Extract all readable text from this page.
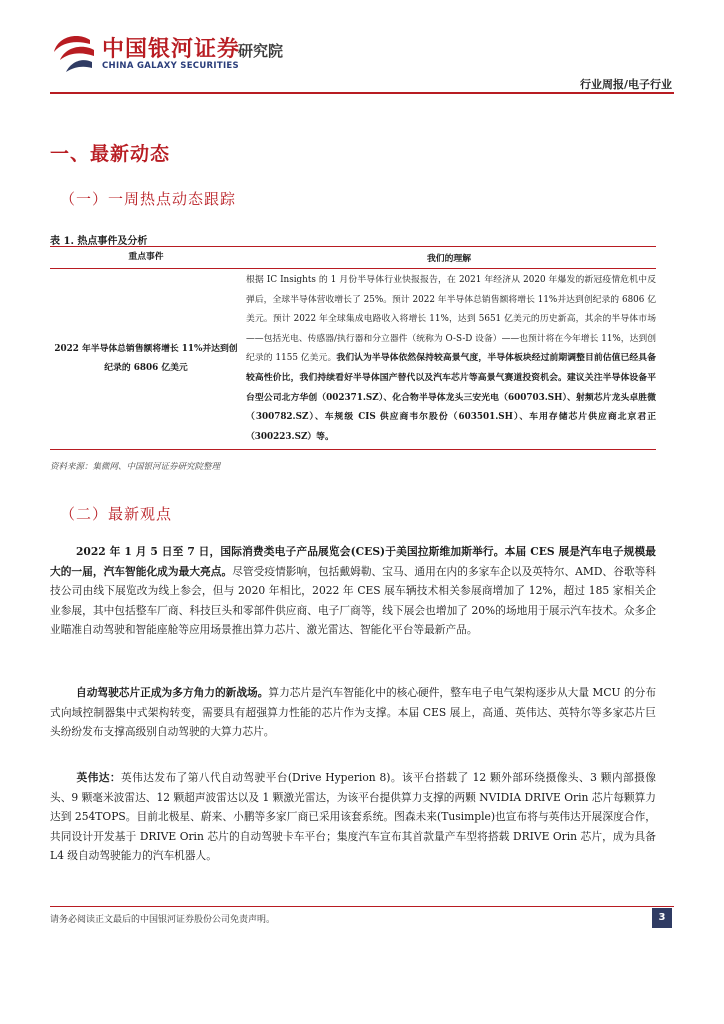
中国银河证券
研究院
CHINA GALAXY SECURITIES
行业周报/电子行业
一、最新动态
（一）一周热点动态跟踪
表 1. 热点事件及分析
重点事件	我们的理解
2022 年半导体总销售额将增长 11%并达到创纪录的 6806 亿美元	根据 IC Insights 的 1 月份半导体行业快报报告，在 2021 年经济从 2020 年爆发的新冠疫情危机中反弹后，全球半导体营收增长了 25%。预计 2022 年半导体总销售额将增长 11%并达到创纪录的 6806 亿美元。预计 2022 年全球集成电路收入将增长 11%，达到 5651 亿美元的历史新高，其余的半导体市场——包括光电、传感器/执行器和分立器件（统称为 O-S-D 设备）——也预计将在今年增长 11%，达到创纪录的 1155 亿美元。我们认为半导体依然保持较高景气度，半导体板块经过前期调整目前估值已经具备较高性价比，我们持续看好半导体国产替代以及汽车芯片等高景气赛道投资机会。建议关注半导体设备平台型公司北方华创（002371.SZ）、化合物半导体龙头三安光电（600703.SH）、射频芯片龙头卓胜微（300782.SZ）、车规级 CIS 供应商韦尔股份（603501.SH）、车用存储芯片供应商北京君正（300223.SZ）等。
资料来源：集微网、中国银河证券研究院整理
（二）最新观点
2022 年 1 月 5 日至 7 日，国际消费类电子产品展览会(CES)于美国拉斯维加斯举行。本届 CES 展是汽车电子规模最大的一届，汽车智能化成为最大亮点。尽管受疫情影响，包括戴姆勒、宝马、通用在内的多家车企以及英特尔、AMD、谷歌等科技公司由线下展览改为线上参会，但与 2020 年相比，2022 年 CES 展车辆技术相关参展商增加了 12%，超过 185 家相关企业参展，其中包括整车厂商、科技巨头和零部件供应商、电子厂商等，线下展会也增加了 20%的场地用于展示汽车技术。众多企业瞄准自动驾驶和智能座舱等应用场景推出算力芯片、激光雷达、智能化平台等最新产品。
自动驾驶芯片正成为多方角力的新战场。算力芯片是汽车智能化中的核心硬件，整车电子电气架构逐步从大量 MCU 的分布式向域控制器集中式架构转变，需要具有超强算力性能的芯片作为支撑。本届 CES 展上，高通、英伟达、英特尔等多家芯片巨头纷纷发布支撑高级别自动驾驶的大算力芯片。
英伟达：英伟达发布了第八代自动驾驶平台(Drive Hyperion 8)。该平台搭载了 12 颗外部环绕摄像头、3 颗内部摄像头、9 颗毫米波雷达、12 颗超声波雷达以及 1 颗激光雷达，为该平台提供算力支撑的两颗 NVIDIA DRIVE Orin 芯片每颗算力达到 254TOPS。目前北极星、蔚来、小鹏等多家厂商已采用该套系统。图森未来(Tusimple)也宣布将与英伟达开展深度合作，共同设计开发基于 DRIVE Orin 芯片的自动驾驶卡车平台；集度汽车宣布其首款量产车型将搭载 DRIVE Orin 芯片，成为具备 L4 级自动驾驶能力的汽车机器人。
请务必阅读正文最后的中国银河证券股份公司免责声明。	3
